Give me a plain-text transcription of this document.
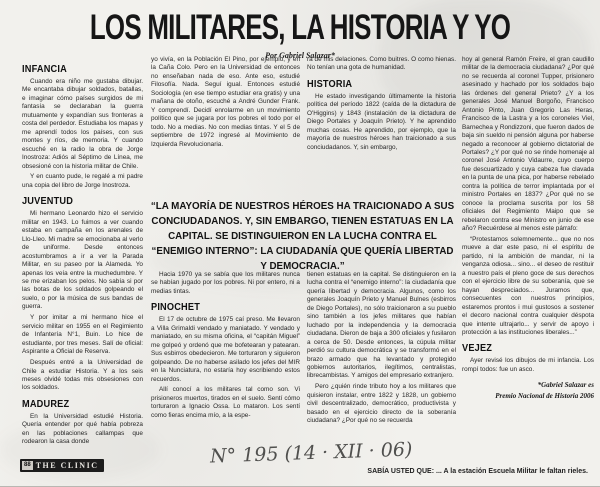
LOS MILITARES, LA HISTORIA Y YO
Por Gabriel Salazar*
INFANCIA

Cuando era niño me gustaba dibujar. Me encantaba dibujar soldados, batallas, e imaginar cómo países surgidos de mi fantasía se declaraban la guerra mutuamente y expandían sus fronteras a costa del perdedor. Estudiaba los mapas y me aprendí todos los países, con sus montes y ríos, de memoria. Y cuando escuché en la radio la obra de Jorge Inostroza: Adiós al Séptimo de Línea, me obsesioné con la historia militar de Chile.

Y en cuanto pude, le regalé a mi padre una copia del libro de Jorge Inostroza.

JUVENTUD

Mi hermano Leonardo hizo el servicio militar en 1943. Lo fuimos a ver cuando estaba en campaña en los arenales de Llo-Lleo. Mi madre se emocionaba al verlo de uniforme. Desde entonces acostumbramos a ir a ver la Parada Militar, en su paseo por la Alameda. Yo apenas los veía entre la muchedumbre. Y se me erizaban los pelos. No sabía si por las botas de los soldados golpeando el suelo, o por la música de sus bandas de guerra.

Y por imitar a mi hermano hice el servicio militar en 1955 en el Regimiento de Infantería N°1, Buin. Lo hice de estudiante, por tres meses. Salí de oficial: Aspirante a Oficial de Reserva.

Después entré a la Universidad de Chile a estudiar Historia. Y a los seis meses olvidé todas mis obsesiones con los soldados.

MADUREZ

En la Universidad estudié Historia. Quería entender por qué había pobreza en las poblaciones callampas que rodearon la casa donde

yo vivía, en la Población El Pino, por ejemplo, y en la Caña Colo. Pero en la Universidad de entonces no enseñaban nada de eso. Ante eso, estudié Filosofía. Nada. Seguí igual. Entonces estudié Sociología (en ese tiempo estudiar era gratis) y una mañana de otoño, escuché a André Gunder Frank. Y comprendí. Decidí enrolarme en un movimiento político que se jugara por los pobres el todo por el todo. No a medias. No con medias tintas. Y el 5 de septiembre de 1972 ingresé al Movimiento de Izquierda Revolucionaria.

ra de mis delaciones. Como buitres. O como hienas. No tenían una gota de humanidad.

HISTORIA

He estado investigando últimamente la historia política del período 1822 (caída de la dictadura de O'Higgins) y 1843 (instalación de la dictadura de Diego Portales y Joaquín Prieto). Y he aprendido muchas cosas. He aprendido, por ejemplo, que la mayoría de nuestros héroes han traicionado a sus conciudadanos. Y, sin embargo,

“LA MAYORÍA DE NUESTROS HÉROES HA TRAICIONADO A SUS CONCIUDADANOS. Y, SIN EMBARGO, TIENEN ESTATUAS EN LA CAPITAL. SE DISTINGUIERON EN LA LUCHA CONTRA EL “ENEMIGO INTERNO”: LA CIUDADANÍA QUE QUERÍA LIBERTAD Y DEMOCRACIA.”

Hacia 1970 ya se sabía que los militares nunca se habían jugado por los pobres. Ni por entero, ni a medias tintas.

PINOCHET

El 17 de octubre de 1975 caí preso. Me llevaron a Villa Grimaldi vendado y maniatado. Y vendado y maniatado, en su misma oficina, el “capitán Miguel” me golpeó y ordenó que me bofetearan y patearan. Sus esbirros obedecieron. Me torturaron y siguieron golpeando. De no haberse asilado los jefes del MIR en la Nunciatura, no estaría hoy escribiendo estos recuerdos.

Allí conocí a los militares tal como son. Vi prisioneros muertos, tirados en el suelo. Sentí cómo torturaron a Ignacio Ossa. Lo mataron. Los sentí como fieras encima mío, a la espe-

tienen estatuas en la capital. Se distinguieron en la lucha contra el “enemigo interno”: la ciudadanía que quería libertad y democracia. Algunos, como los generales Joaquín Prieto y Manuel Bulnes (esbirros de Diego Portales), no sólo traicionaron a su pueblo sino también a los jefes militares que habían luchado por la independencia y la democracia ciudadana. Dieron de baja a 300 oficiales y fusilaron a cerca de 50. Desde entonces, la cúpula militar perdió su cultura democrática y se transformó en el brazo armado que ha levantado y protegido gobiernos autoritarios, ilegítimos, centralistas, librecambistas. Y amigos del empresario extranjero.

Pero ¿quién rinde tributo hoy a los militares que quisieron instalar, entre 1822 y 1828, un gobierno civil descentralizado, democrático, productivista y basado en el ejercicio directo de la soberanía ciudadana? ¿Por qué no se recuerda

hoy al general Ramón Freire, el gran caudillo militar de la democracia ciudadana? ¿Por qué no se recuerda al coronel Tupper, prisionero asesinado y hachado por los soldados bajo las órdenes del general Prieto? ¿Y a los generales José Manuel Borgoño, Francisco Antonio Pinto, Juan Gregorio Las Heras, Francisco de la Lastra y a los coroneles Viel, Barnechea y Rondizzoni, que fueron dados de baja sin sueldo ni pensión alguna por haberse negado a reconocer al gobierno dictatorial de Portales? ¿Y por qué no se rinde homenaje al coronel José Antonio Vidaurre, cuyo cuerpo fue descuartizado y cuya cabeza fue clavada en la punta de una pica, por haberse rebelado contra la política de terror implantada por el ministro Portales en 1837? ¿Por qué no se conoce la proclama suscrita por los 58 oficiales del Regimiento Maipo que se rebelaron contra ese Ministro en junio de ese año? Recuérdese al menos este párrafo:

“Protestamos solemnemente... que no nos mueve a dar este paso, ni el espíritu de partido, ni la ambición de mandar, ni la venganza odiosa... sino... el deseo de restituir a nuestro país el pleno goce de sus derechos con el ejercicio libre de su soberanía, que se hayan despreciados... Juramos que, consecuentes con nuestros principios, estaremos prontos i mui gustosos a sostener el decoro nacional contra cualquier déspota que intente ultrajarlo... y servir de apoyo i protección a las instituciones liberales...”

VEJEZ

Ayer revisé los dibujos de mi infancia. Los rompí todos: fue un asco.

*Gabriel Salazar es
Premio Nacional de Historia 2006
88 THE CLINIC	N° 195 (14 · XII · 06)
SABÍA USTED QUE: ... A la estación Escuela Militar le faltan rieles.
